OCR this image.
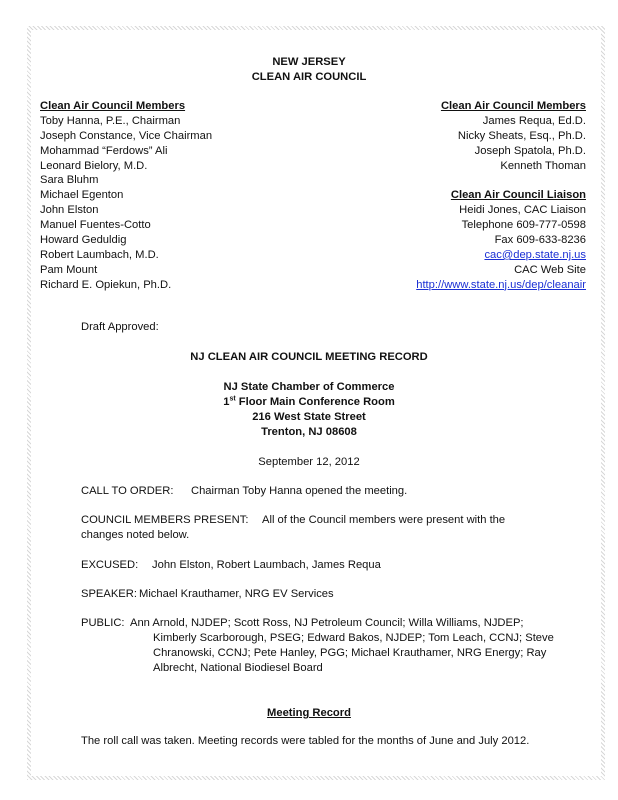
NEW JERSEY
CLEAN AIR COUNCIL
Clean Air Council Members
Toby Hanna, P.E., Chairman
Joseph Constance, Vice Chairman
Mohammad “Ferdows” Ali
Leonard Bielory, M.D.
Sara Bluhm
Michael Egenton
John Elston
Manuel Fuentes-Cotto
Howard Geduldig
Robert Laumbach, M.D.
Pam Mount
Richard E. Opiekun, Ph.D.
Clean Air Council Members
James Requa, Ed.D.
Nicky Sheats, Esq., Ph.D.
Joseph Spatola, Ph.D.
Kenneth Thoman
Clean Air Council Liaison
Heidi Jones, CAC Liaison
Telephone 609-777-0598
Fax 609-633-8236
cac@dep.state.nj.us
CAC Web Site
http://www.state.nj.us/dep/cleanair
Draft Approved:
NJ CLEAN AIR COUNCIL MEETING RECORD
NJ State Chamber of Commerce
1st Floor Main Conference Room
216 West State Street
Trenton, NJ 08608
September 12, 2012
CALL TO ORDER: Chairman Toby Hanna opened the meeting.
COUNCIL MEMBERS PRESENT: All of the Council members were present with the
changes noted below.
EXCUSED: John Elston, Robert Laumbach, James Requa
SPEAKER: Michael Krauthamer, NRG EV Services
PUBLIC: Ann Arnold, NJDEP; Scott Ross, NJ Petroleum Council; Willa Williams, NJDEP;
Kimberly Scarborough, PSEG; Edward Bakos, NJDEP; Tom Leach, CCNJ; Steve
Chranowski, CCNJ; Pete Hanley, PGG; Michael Krauthamer, NRG Energy; Ray
Albrecht, National Biodiesel Board
Meeting Record
The roll call was taken. Meeting records were tabled for the months of June and July 2012.
